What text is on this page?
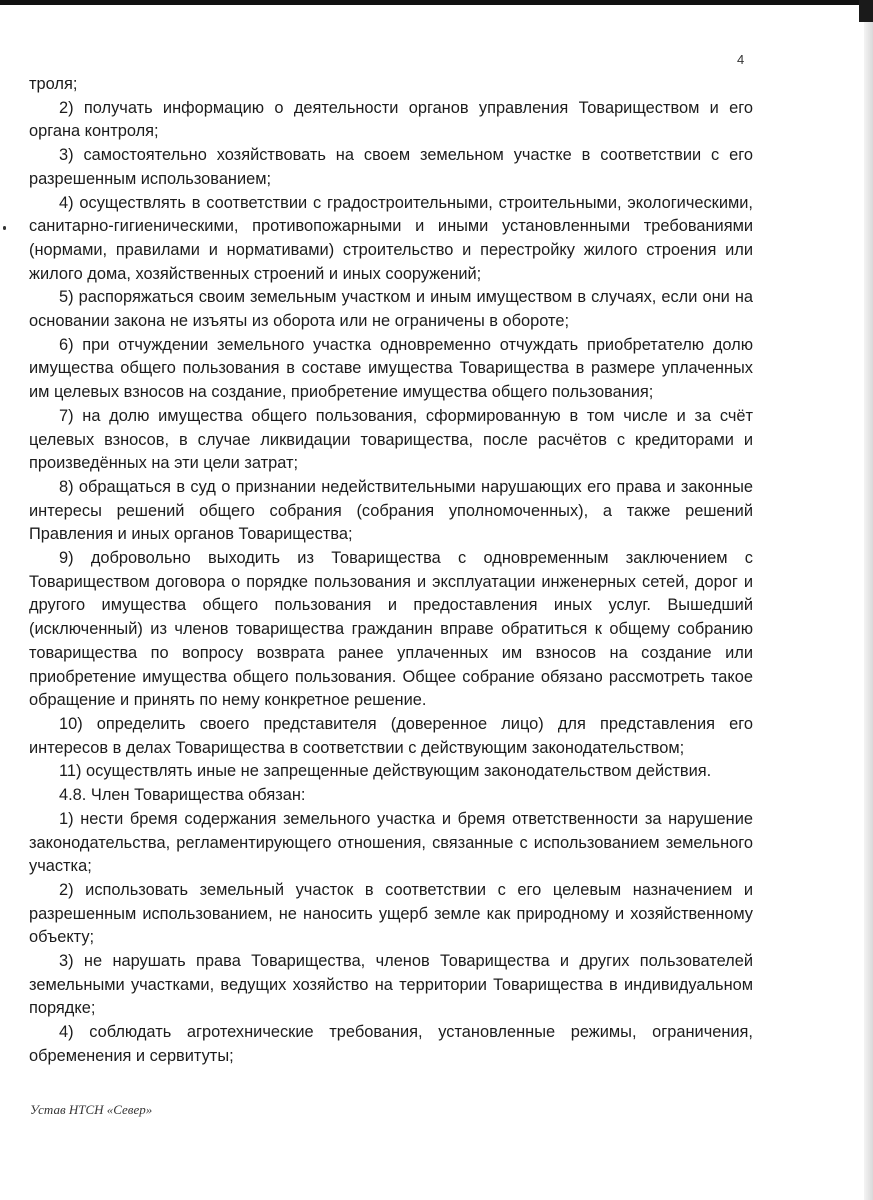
4

троля;

2) получать информацию о деятельности органов управления Товариществом и его органа контроля;

3) самостоятельно хозяйствовать на своем земельном участке в соответствии с его разрешенным использованием;

4) осуществлять в соответствии с градостроительными, строительными, экологическими, санитарно-гигиеническими, противопожарными и иными установленными требованиями (нормами, правилами и нормативами) строительство и перестройку жилого строения или жилого дома, хозяйственных строений и иных сооружений;

5) распоряжаться своим земельным участком и иным имуществом в случаях, если они на основании закона не изъяты из оборота или не ограничены в обороте;

6) при отчуждении земельного участка одновременно отчуждать приобретателю долю имущества общего пользования в составе имущества Товарищества в размере уплаченных им целевых взносов на создание, приобретение имущества общего пользования;

7) на долю имущества общего пользования, сформированную в том числе и за счёт целевых взносов, в случае ликвидации товарищества, после расчётов с кредиторами и произведённых на эти цели затрат;

8) обращаться в суд о признании недействительными нарушающих его права и законные интересы решений общего собрания (собрания уполномоченных), а также решений Правления и иных органов Товарищества;

9) добровольно выходить из Товарищества с одновременным заключением с Товариществом договора о порядке пользования и эксплуатации инженерных сетей, дорог и другого имущества общего пользования и предоставления иных услуг. Вышедший (исключенный) из членов товарищества гражданин вправе обратиться к общему собранию товарищества по вопросу возврата ранее уплаченных им взносов на создание или приобретение имущества общего пользования. Общее собрание обязано рассмотреть такое обращение и принять по нему конкретное решение.

10) определить своего представителя (доверенное лицо) для представления его интересов в делах Товарищества в соответствии с действующим законодательством;

11) осуществлять иные не запрещенные действующим законодательством действия.

4.8. Член Товарищества обязан:

1) нести бремя содержания земельного участка и бремя ответственности за нарушение законодательства, регламентирующего отношения, связанные с использованием земельного участка;

2) использовать земельный участок в соответствии с его целевым назначением и разрешенным использованием, не наносить ущерб земле как природному и хозяйственному объекту;

3) не нарушать права Товарищества, членов Товарищества и других пользователей земельными участками, ведущих хозяйство на территории Товарищества в индивидуальном порядке;

4) соблюдать агротехнические требования, установленные режимы, ограничения, обременения и сервитуты;

Устав НТСН «Север»
